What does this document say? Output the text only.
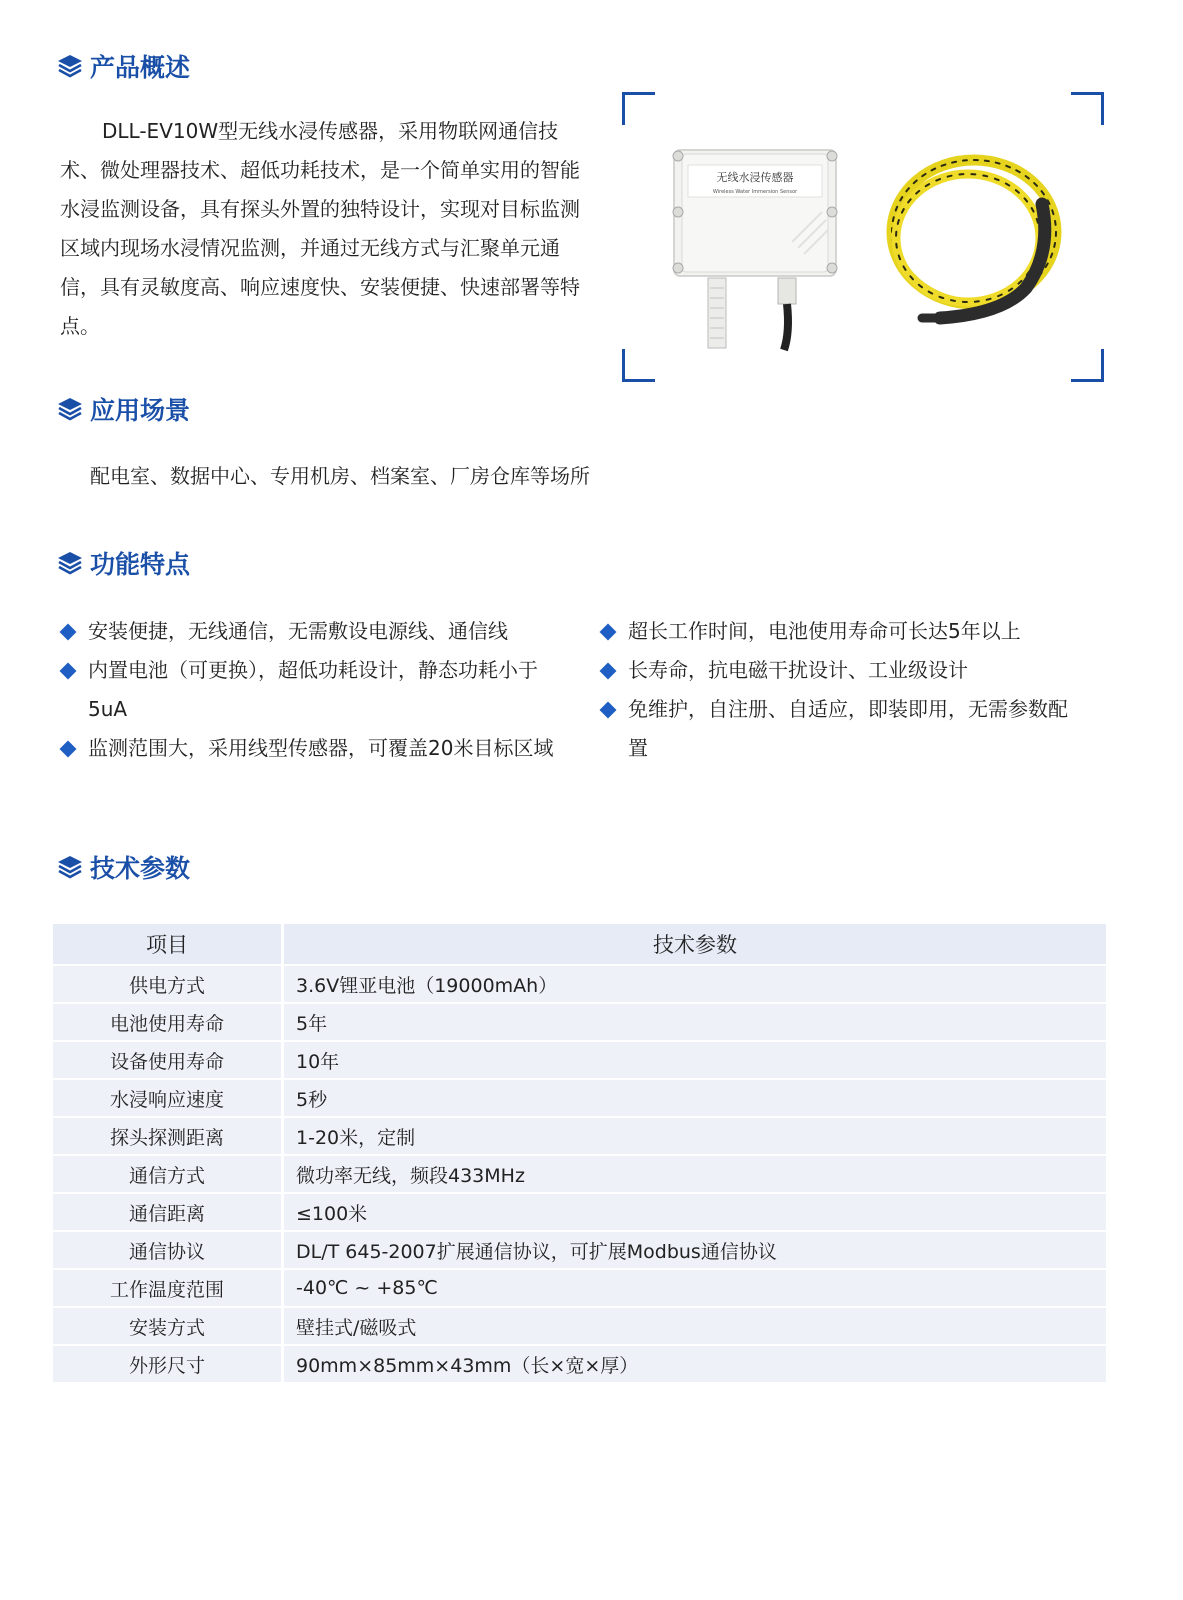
产品概述

DLL-EV10W型无线水浸传感器，采用物联网通信技术、微处理器技术、超低功耗技术，是一个简单实用的智能水浸监测设备，具有探头外置的独特设计，实现对目标监测区域内现场水浸情况监测，并通过无线方式与汇聚单元通信，具有灵敏度高、响应速度快、安装便捷、快速部署等特点。

无线水浸传感器
Wireless Water Immersion Sensor
应用场景
配电室、数据中心、专用机房、档案室、厂房仓库等场所
功能特点
安装便捷，无线通信，无需敷设电源线、通信线
内置电池（可更换），超低功耗设计，静态功耗小于5uA
监测范围大，采用线型传感器，可覆盖20米目标区域
超长工作时间，电池使用寿命可长达5年以上
长寿命，抗电磁干扰设计、工业级设计
免维护，自注册、自适应，即装即用，无需参数配置
技术参数
项目	技术参数
供电方式	3.6V锂亚电池（19000mAh）
电池使用寿命	5年
设备使用寿命	10年
水浸响应速度	5秒
探头探测距离	1-20米，定制
通信方式	微功率无线，频段433MHz
通信距离	≤100米
通信协议	DL/T 645-2007扩展通信协议，可扩展Modbus通信协议
工作温度范围	-40℃ ~ +85℃
安装方式	壁挂式/磁吸式
外形尺寸	90mm×85mm×43mm（长×宽×厚）
